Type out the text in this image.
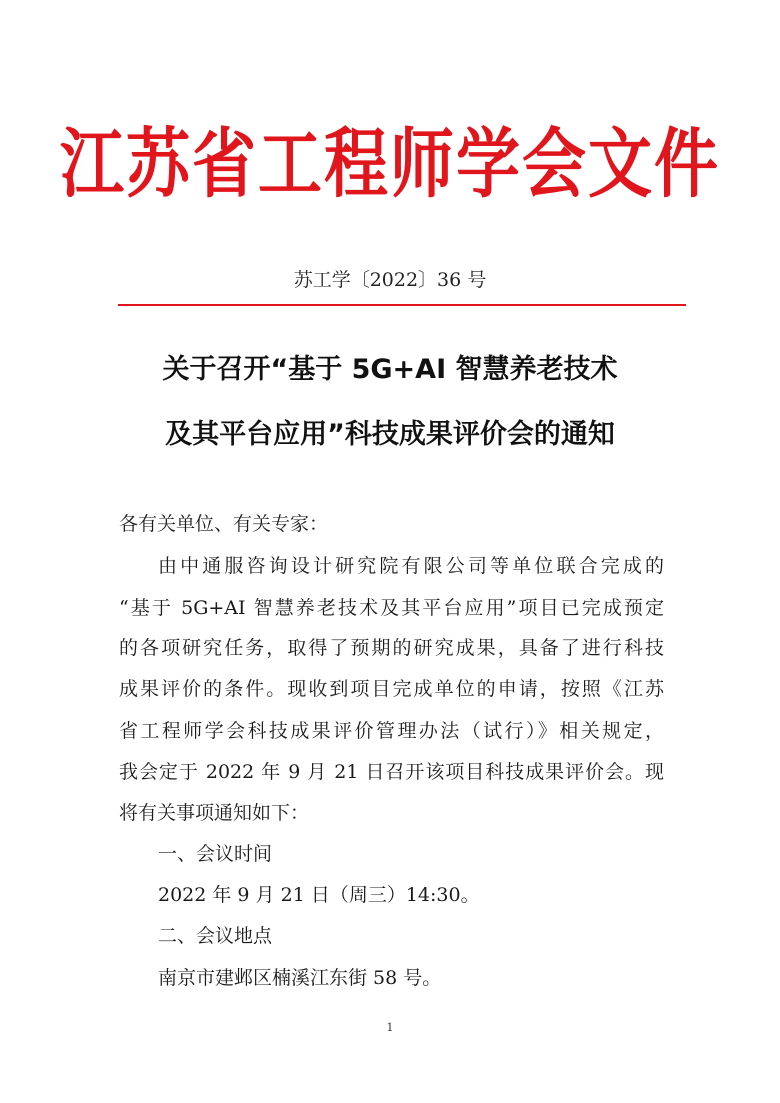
江苏省工程师学会文件
苏工学〔2022〕36 号
关于召开“基于 5G+AI 智慧养老技术
及其平台应用”科技成果评价会的通知
各有关单位、有关专家：
由中通服咨询设计研究院有限公司等单位联合完成的
“基于 5G+AI 智慧养老技术及其平台应用”项目已完成预定
的各项研究任务，取得了预期的研究成果，具备了进行科技
成果评价的条件。现收到项目完成单位的申请，按照《江苏
省工程师学会科技成果评价管理办法（试行）》相关规定，
我会定于 2022 年 9 月 21 日召开该项目科技成果评价会。现
将有关事项通知如下：
一、会议时间
2022 年 9 月 21 日（周三）14:30。
二、会议地点
南京市建邺区楠溪江东街 58 号。
1
